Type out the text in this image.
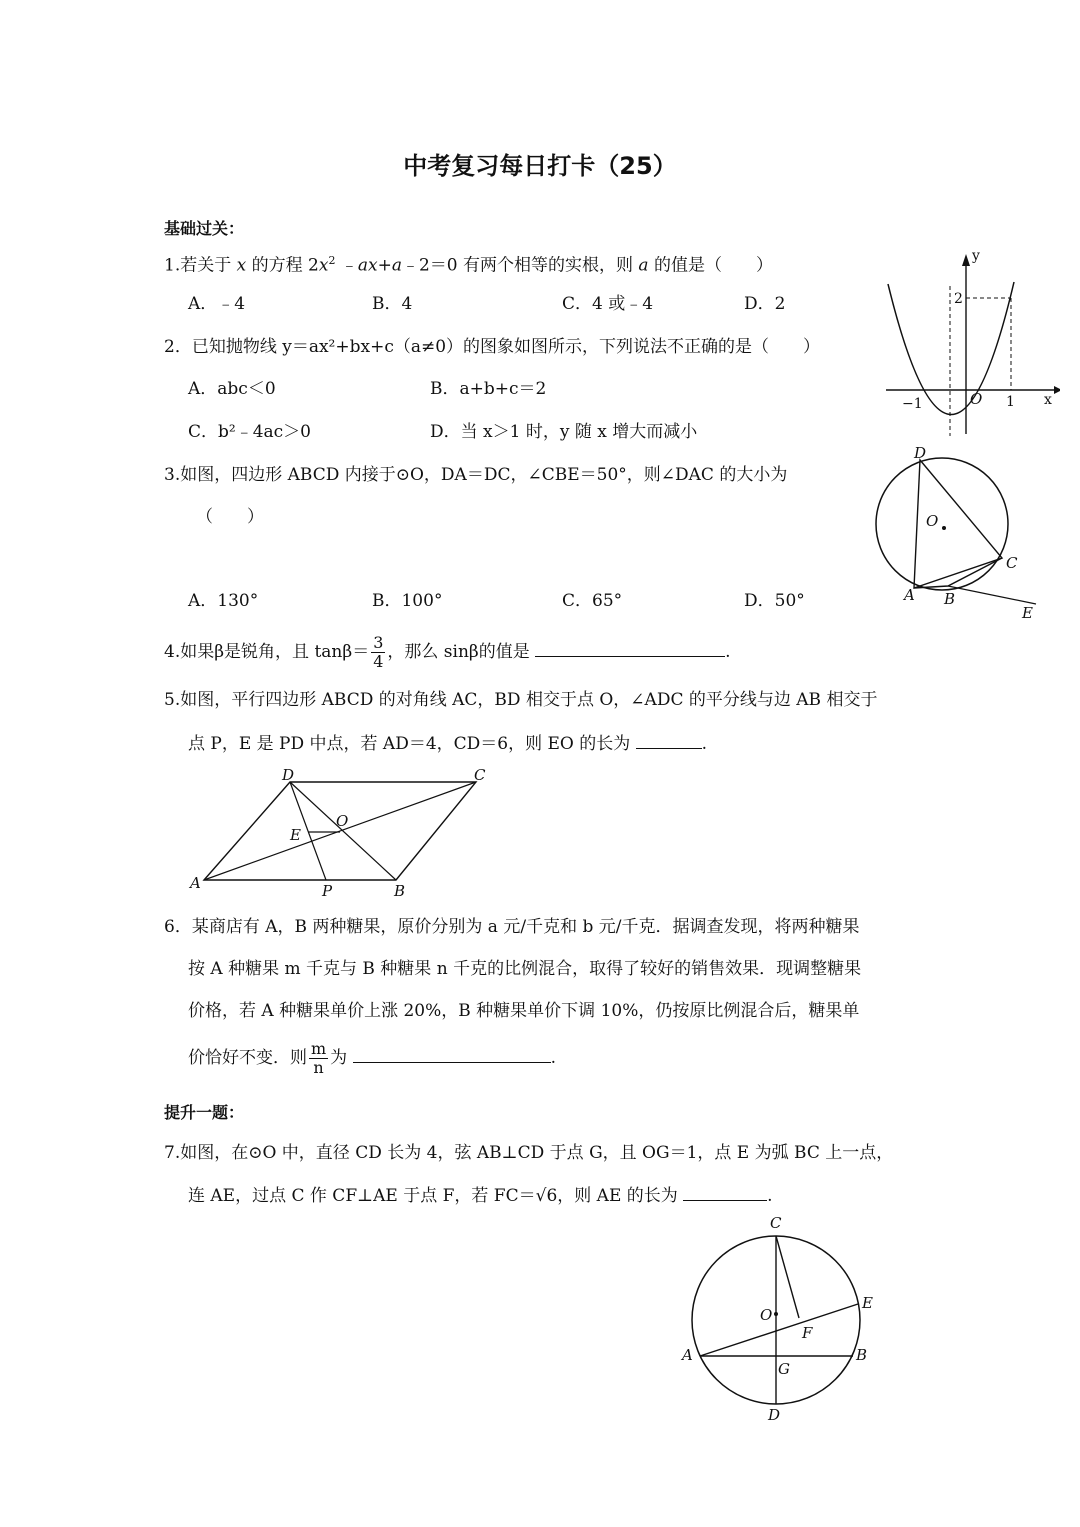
中考复习每日打卡（25）
基础过关：
1.若关于 x 的方程 $2x^2$ ﹣ax+a﹣2＝0 有两个相等的实根，则 a 的值是（　　）
A．﹣4	B．4	C．4 或﹣4	D．2
2．已知抛物线 y＝ax²+bx+c（a≠0）的图象如图所示，下列说法不正确的是（　　）
A．abc＜0	B．a+b+c＝2
C．b²﹣4ac＞0	D．当 x＞1 时，y 随 x 增大而减小
y
x
O
2
−1	1
3.如图，四边形 ABCD 内接于⊙O，DA＝DC，∠CBE＝50°，则∠DAC 的大小为
（　　）
A．130°	B．100°	C．65°	D．50°
D
O
C
A B
E
4.如果β是锐角，且 $\tan\beta= \frac{3}{4}$ ，那么 sinβ的值是	.
5.如图，平行四边形 ABCD 的对角线 AC，BD 相交于点 O，∠ADC 的平分线与边 AB 相交于
点 P，E 是 PD 中点，若 AD＝4，CD＝6，则 EO 的长为	.
D	C
O
E
A	P	B
6．某商店有 A，B 两种糖果，原价分别为 a 元/千克和 b 元/千克．据调查发现，将两种糖果
按 A 种糖果 m 千克与 B 种糖果 n 千克的比例混合，取得了较好的销售效果．现调整糖果
价格，若 A 种糖果单价上涨 20%，B 种糖果单价下调 10%，仍按原比例混合后，糖果单
价恰好不变．则 $\frac{m}{n}$ 为	.
提升一题：
7.如图，在⊙O 中，直径 CD 长为 4，弦 AB⊥CD 于点 G，且 OG＝1，点 E 为弧 BC 上一点，
连 AE，过点 C 作 CF⊥AE 于点 F，若 FC＝√6，则 AE 的长为	.
C
O
E
F
A
G
B
D
